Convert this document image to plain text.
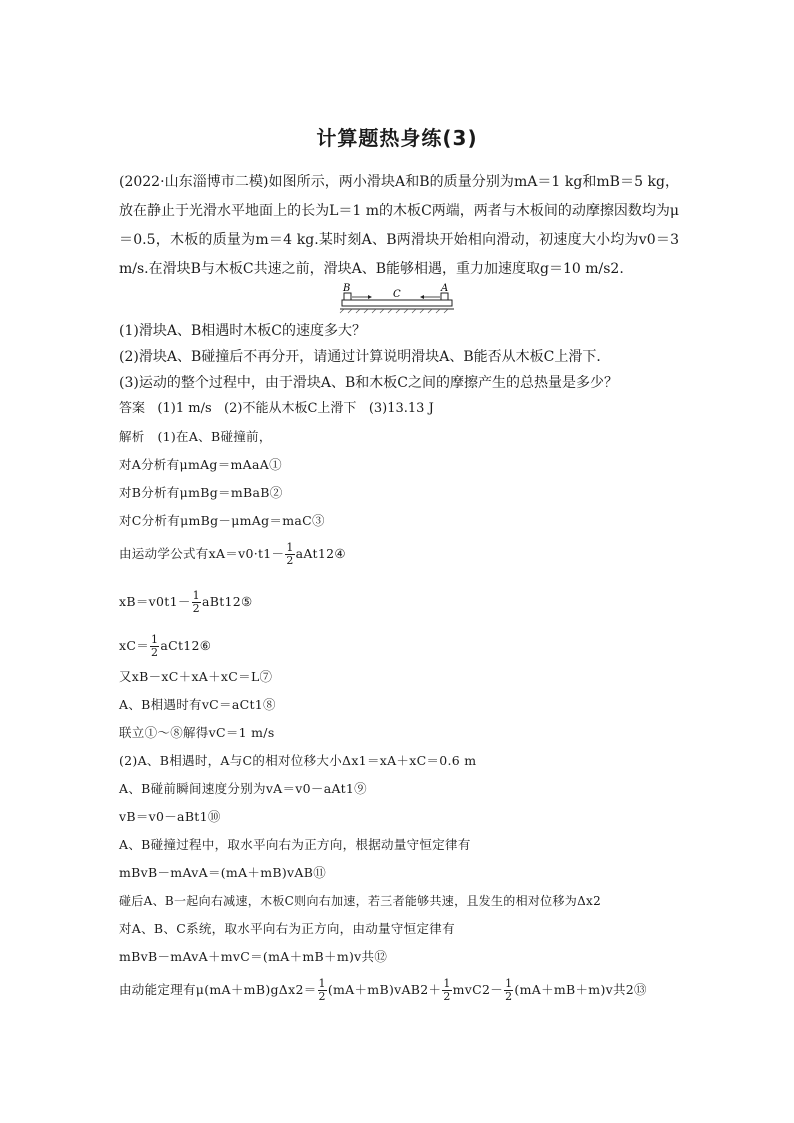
计算题热身练(3)
(2022·山东淄博市二模)如图所示，两小滑块A和B的质量分别为mA＝1 kg和mB＝5 kg，放在静止于光滑水平地面上的长为L＝1 m的木板C两端，两者与木板间的动摩擦因数均为μ＝0.5，木板的质量为m＝4 kg.某时刻A、B两滑块开始相向滑动，初速度大小均为v0＝3 m/s.在滑块B与木板C共速之前，滑块A、B能够相遇，重力加速度取g＝10 m/s2.
B
C
A
(1)滑块A、B相遇时木板C的速度多大？
(2)滑块A、B碰撞后不再分开，请通过计算说明滑块A、B能否从木板C上滑下．
(3)运动的整个过程中，由于滑块A、B和木板C之间的摩擦产生的总热量是多少？
答案 (1)1 m/s (2)不能从木板C上滑下 (3)13.13 J
解析 (1)在A、B碰撞前，
对A分析有μmAg＝mAaA①
对B分析有μmBg＝mBaB②
对C分析有μmBg－μmAg＝maC③
由运动学公式有$xA=v0\cdot t1- \frac{1}{2}$ aAt12④
$xB=v0t1- \frac{1}{2}$ aBt12⑤
$xC= \frac{1}{2}$ aCt12⑥
又xB－xC＋xA＋xC＝L⑦
A、B相遇时有vC＝aCt1⑧
联立①～⑧解得vC＝1 m/s
(2)A、B相遇时，A与C的相对位移大小Δx1＝xA＋xC＝0.6 m
A、B碰前瞬间速度分别为vA＝v0－aAt1⑨
vB＝v0－aBt1⑩
A、B碰撞过程中，取水平向右为正方向，根据动量守恒定律有
mBvB－mAvA＝(mA＋mB)vAB⑪
碰后A、B一起向右减速，木板C则向右加速，若三者能够共速，且发生的相对位移为Δx2
对A、B、C系统，取水平向右为正方向，由动量守恒定律有
mBvB－mAvA＋mvC＝(mA＋mB＋m)v共⑫
由动能定理有$\mu(mA+mB)g\Delta x2= \frac{1}{2} (mA+mB)vAB2+ \frac{1}{2} mvC2- \frac{1}{2} (mA+mB+m)v$共2⑬
